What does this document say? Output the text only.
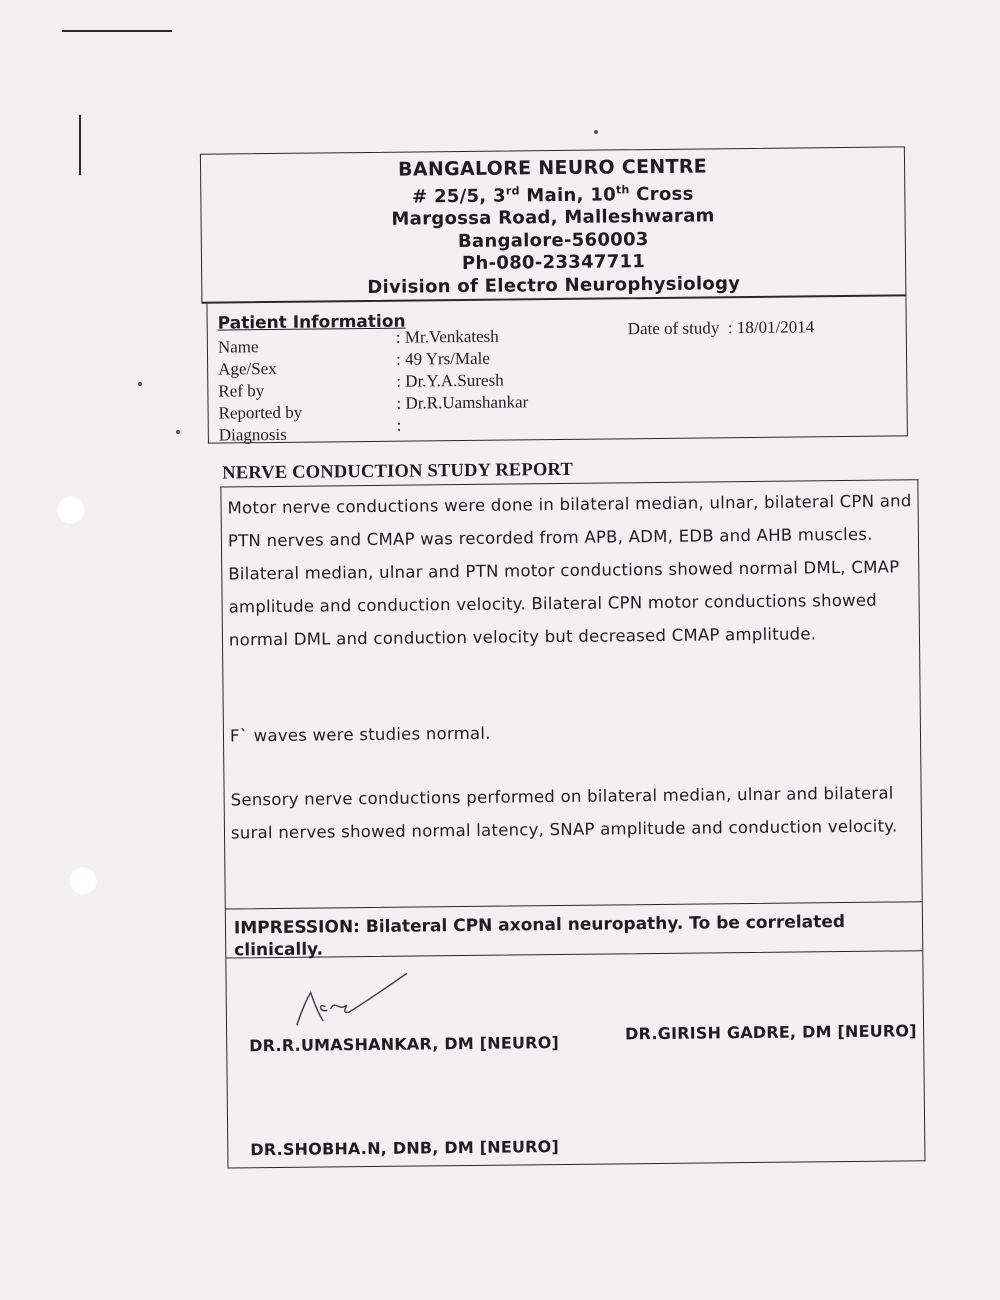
BANGALORE NEURO CENTRE
# 25/5, 3rd Main, 10th Cross
Margossa Road, Malleshwaram
Bangalore-560003
Ph-080-23347711
Division of Electro Neurophysiology
Patient Information
Name
: Mr.Venkatesh
Age/Sex
: 49 Yrs/Male
Ref by
: Dr.Y.A.Suresh
Reported by	: Dr.R.Uamshankar
Diagnosis	:
Date of study : 18/01/2014
NERVE CONDUCTION STUDY REPORT

Motor nerve conductions were done in bilateral median, ulnar, bilateral CPN and PTN nerves and CMAP was recorded from APB, ADM, EDB and AHB muscles. Bilateral median, ulnar and PTN motor conductions showed normal DML, CMAP amplitude and conduction velocity. Bilateral CPN motor conductions showed normal DML and conduction velocity but decreased CMAP amplitude.

F` waves were studies normal.

Sensory nerve conductions performed on bilateral median, ulnar and bilateral sural nerves showed normal latency, SNAP amplitude and conduction velocity.

IMPRESSION: Bilateral CPN axonal neuropathy. To be correlated clinically.

DR.R.UMASHANKAR, DM [NEURO]
DR.GIRISH GADRE, DM [NEURO]
DR.SHOBHA.N, DNB, DM [NEURO]
